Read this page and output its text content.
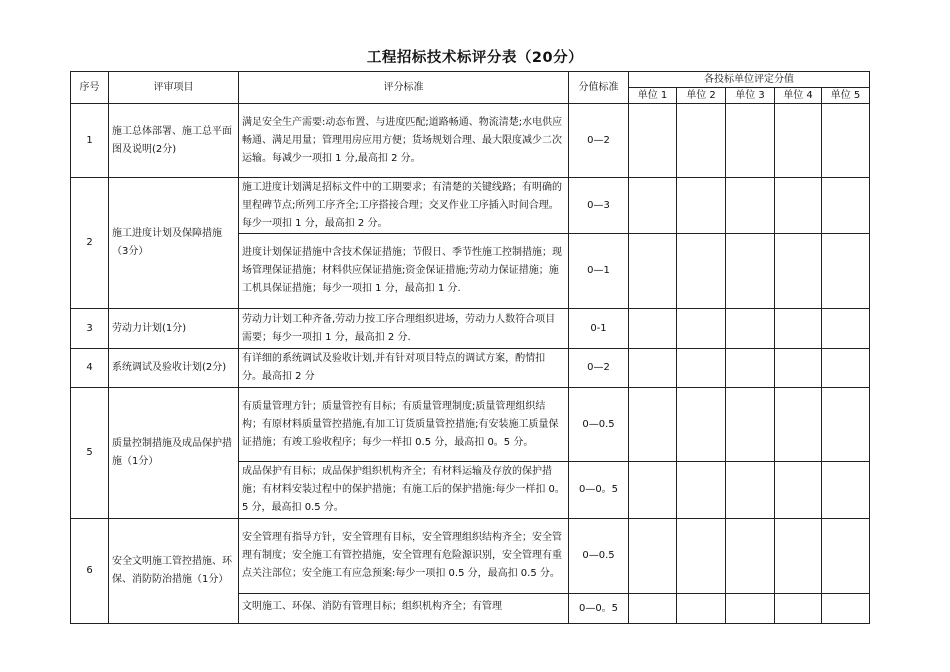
工程招标技术标评分表（20分）
序号	评审项目	评分标准	分值标准	各投标单位评定分值				
				单位 1	单位 2	单位 3	单位 4	单位 5
1	施工总体部署、施工总平面图及说明(2分)	满足安全生产需要:动态布置、与进度匹配;道路畅通、物流清楚;水电供应畅通、满足用量；管理用房应用方便；货场规划合理、最大限度减少二次运输。每减少一项扣 1 分,最高扣 2 分。	0—2					
2	施工进度计划及保障措施（3分）	施工进度计划满足招标文件中的工期要求；有清楚的关键线路；有明确的里程碑节点;所列工序齐全;工序搭接合理；交叉作业工序插入时间合理。每少一项扣 1 分，最高扣 2 分。	0—3					
		进度计划保证措施中含技术保证措施；节假日、季节性施工控制措施；现场管理保证措施；材料供应保证措施;资金保证措施;劳动力保证措施；施工机具保证措施；每少一项扣 1 分，最高扣 1 分.	0—1					
3	劳动力计划(1分)	劳动力计划工种齐备,劳动力按工序合理组织进场，劳动力人数符合项目需要；每少一项扣 1 分，最高扣 2 分.	0-1					
4	系统调试及验收计划(2分)	有详细的系统调试及验收计划,并有针对项目特点的调试方案，酌情扣分。最高扣 2 分	0—2					
5	质量控制措施及成品保护措施（1分）	有质量管理方针；质量管控有目标；有质量管理制度;质量管理组织结构；有原材料质量管控措施,有加工订货质量管控措施;有安装施工质量保证措施；有竣工验收程序；每少一样扣 0.5 分，最高扣 0。5 分。	0—0.5					
		成品保护有目标；成品保护组织机构齐全；有材料运输及存放的保护措施；有材料安装过程中的保护措施；有施工后的保护措施:每少一样扣 0。5 分，最高扣 0.5 分。	0—0。5					
6	安全文明施工管控措施、环保、消防防治措施（1分）	安全管理有指导方针，安全管理有目标，安全管理组织结构齐全；安全管理有制度；安全施工有管控措施，安全管理有危险源识别，安全管理有重点关注部位；安全施工有应急预案:每少一项扣 0.5 分，最高扣 0.5 分。	0—0.5					
		文明施工、环保、消防有管理目标；组织机构齐全；有管理	0—0。5					
